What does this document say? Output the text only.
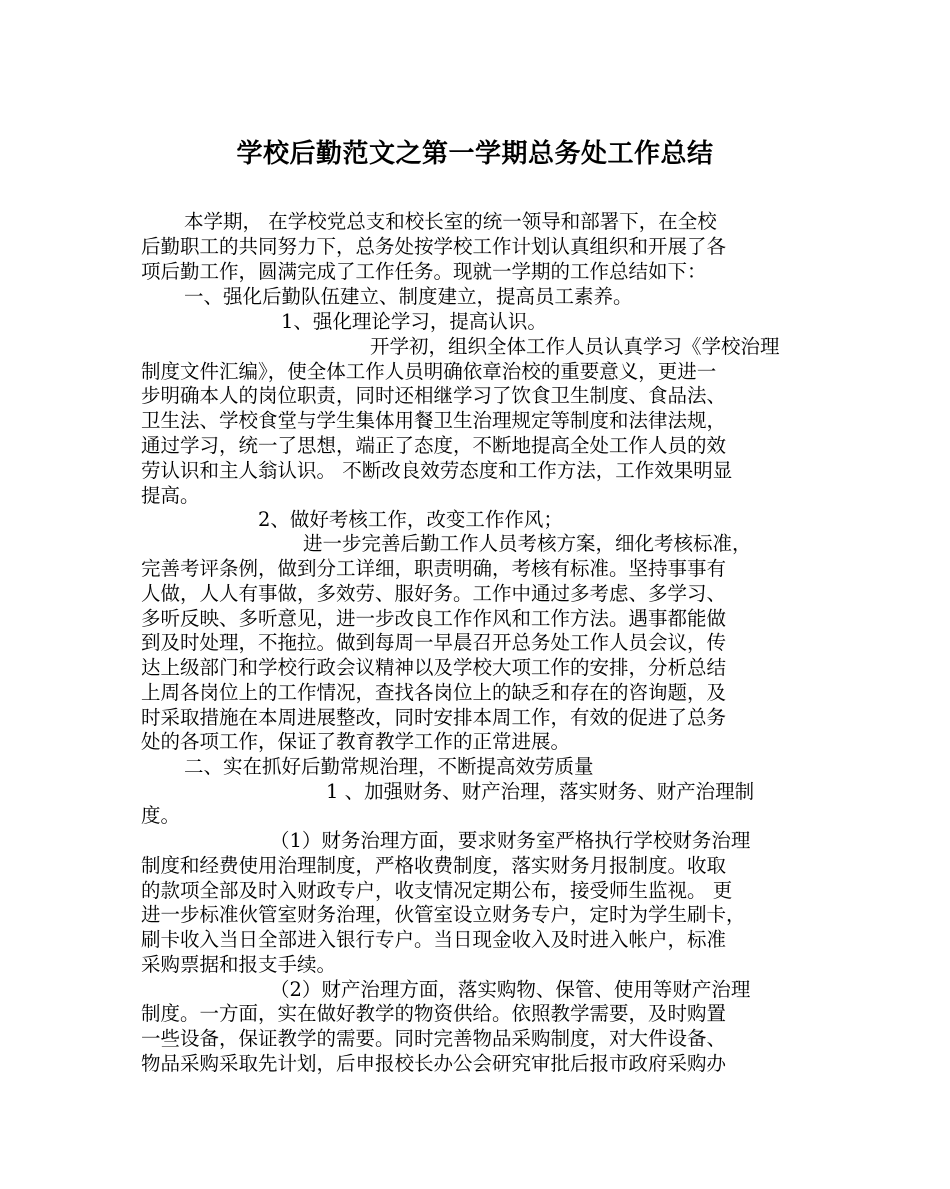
学校后勤范文之第一学期总务处工作总结
本学期， 在学校党总支和校长室的统一领导和部署下，在全校
后勤职工的共同努力下，总务处按学校工作计划认真组织和开展了各
项后勤工作，圆满完成了工作任务。现就一学期的工作总结如下：
一、强化后勤队伍建立、制度建立，提高员工素养。
1、强化理论学习，提高认识。
开学初，组织全体工作人员认真学习《学校治理
制度文件汇编》，使全体工作人员明确依章治校的重要意义，更进一
步明确本人的岗位职责，同时还相继学习了饮食卫生制度、食品法、
卫生法、学校食堂与学生集体用餐卫生治理规定等制度和法律法规，
通过学习，统一了思想，端正了态度，不断地提高全处工作人员的效
劳认识和主人翁认识。 不断改良效劳态度和工作方法，工作效果明显
提高。
2、做好考核工作，改变工作作风；
进一步完善后勤工作人员考核方案，细化考核标准，
完善考评条例，做到分工详细，职责明确，考核有标准。坚持事事有
人做，人人有事做，多效劳、服好务。工作中通过多考虑、多学习、
多听反映、多听意见，进一步改良工作作风和工作方法。遇事都能做
到及时处理，不拖拉。做到每周一早晨召开总务处工作人员会议，传
达上级部门和学校行政会议精神以及学校大项工作的安排，分析总结
上周各岗位上的工作情况，查找各岗位上的缺乏和存在的咨询题，及
时采取措施在本周进展整改，同时安排本周工作，有效的促进了总务
处的各项工作，保证了教育教学工作的正常进展。
二、实在抓好后勤常规治理，不断提高效劳质量
1 、加强财务、财产治理，落实财务、财产治理制
度。
（1）财务治理方面，要求财务室严格执行学校财务治理
制度和经费使用治理制度，严格收费制度，落实财务月报制度。收取
的款项全部及时入财政专户，收支情况定期公布，接受师生监视。 更
进一步标准伙管室财务治理，伙管室设立财务专户，定时为学生刷卡，
刷卡收入当日全部进入银行专户。当日现金收入及时进入帐户，标准
采购票据和报支手续。
（2）财产治理方面，落实购物、保管、使用等财产治理
制度。一方面，实在做好教学的物资供给。依照教学需要，及时购置
一些设备，保证教学的需要。同时完善物品采购制度，对大件设备、
物品采购采取先计划，后申报校长办公会研究审批后报市政府采购办
